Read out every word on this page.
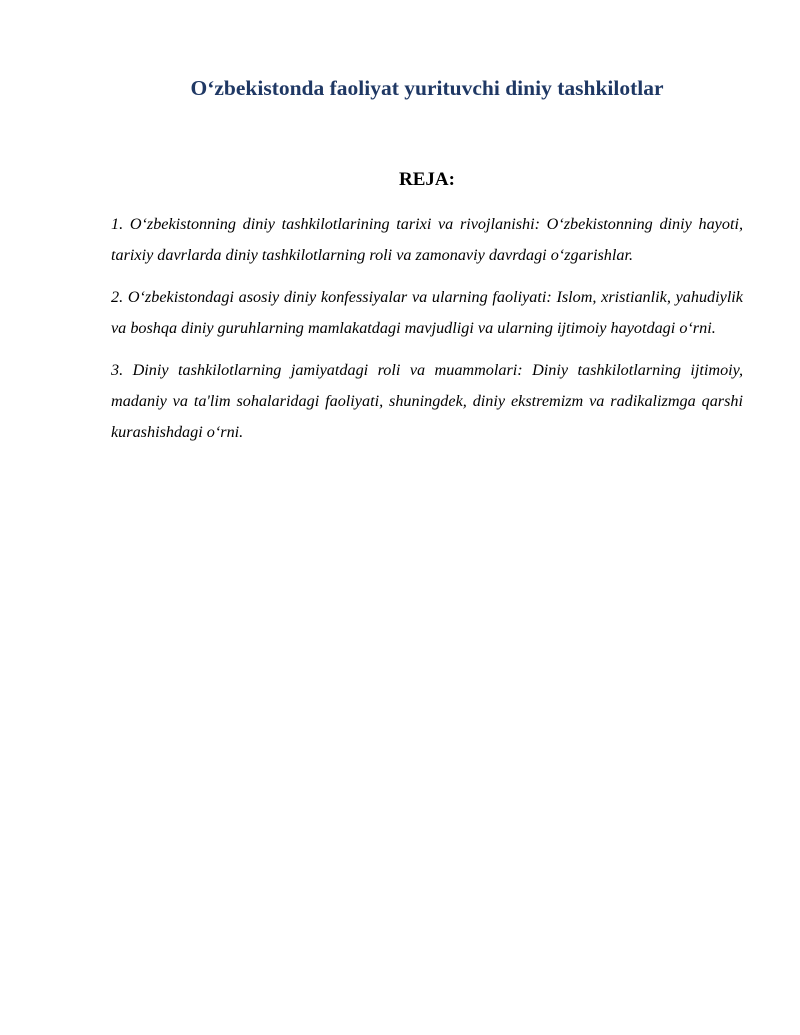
O‘zbekistonda faoliyat yurituvchi diniy tashkilotlar
REJA:
1. O‘zbekistonning diniy tashkilotlarining tarixi va rivojlanishi: O‘zbekistonning diniy hayoti, tarixiy davrlarda diniy tashkilotlarning roli va zamonaviy davrdagi o‘zgarishlar.
2. O‘zbekistondagi asosiy diniy konfessiyalar va ularning faoliyati: Islom, xristianlik, yahudiylik va boshqa diniy guruhlarning mamlakatdagi mavjudligi va ularning ijtimoiy hayotdagi o‘rni.
3. Diniy tashkilotlarning jamiyatdagi roli va muammolari: Diniy tashkilotlarning ijtimoiy, madaniy va ta'lim sohalaridagi faoliyati, shuningdek, diniy ekstremizm va radikalizmga qarshi kurashishdagi o‘rni.
